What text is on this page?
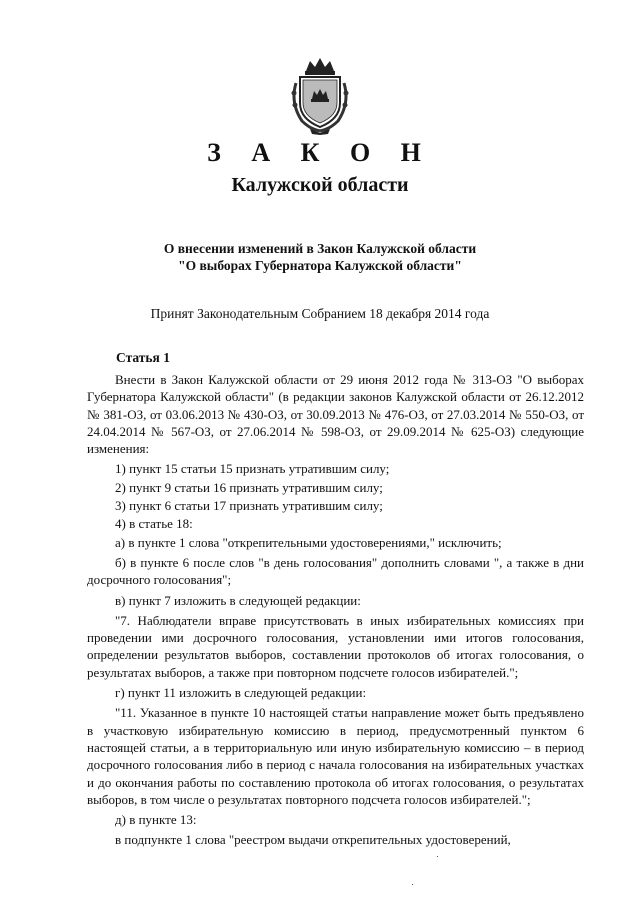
З А К О Н
Калужской области
О внесении изменений в Закон Калужской области
"О выборах Губернатора Калужской области"
Принят Законодательным Собранием 18 декабря 2014 года
Статья 1

Внести в Закон Калужской области от 29 июня 2012 года № 313-ОЗ "О выборах Губернатора Калужской области" (в редакции законов Калужской области от 26.12.2012 № 381-ОЗ, от 03.06.2013 № 430-ОЗ, от 30.09.2013 № 476-ОЗ, от 27.03.2014 № 550-ОЗ, от 24.04.2014 № 567-ОЗ, от 27.06.2014 № 598-ОЗ, от 29.09.2014 № 625-ОЗ) следующие изменения:

1) пункт 15 статьи 15 признать утратившим силу;

2) пункт 9 статьи 16 признать утратившим силу;

3) пункт 6 статьи 17 признать утратившим силу;

4) в статье 18:

а) в пункте 1 слова "открепительными удостоверениями," исключить;

б) в пункте 6 после слов "в день голосования" дополнить словами ", а также в дни досрочного голосования";

в) пункт 7 изложить в следующей редакции:

"7. Наблюдатели вправе присутствовать в иных избирательных комиссиях при проведении ими досрочного голосования, установлении ими итогов голосования, определении результатов выборов, составлении протоколов об итогах голосования, о результатах выборов, а также при повторном подсчете голосов избирателей.";

г) пункт 11 изложить в следующей редакции:

"11. Указанное в пункте 10 настоящей статьи направление может быть предъявлено в участковую избирательную комиссию в период, предусмотренный пунктом 6 настоящей статьи, а в территориальную или иную избирательную комиссию – в период досрочного голосования либо в период с начала голосования на избирательных участках и до окончания работы по составлению протокола об итогах голосования, о результатах выборов, в том числе о результатах повторного подсчета голосов избирателей.";

д) в пункте 13:

в подпункте 1 слова "реестром выдачи открепительных удостоверений,
